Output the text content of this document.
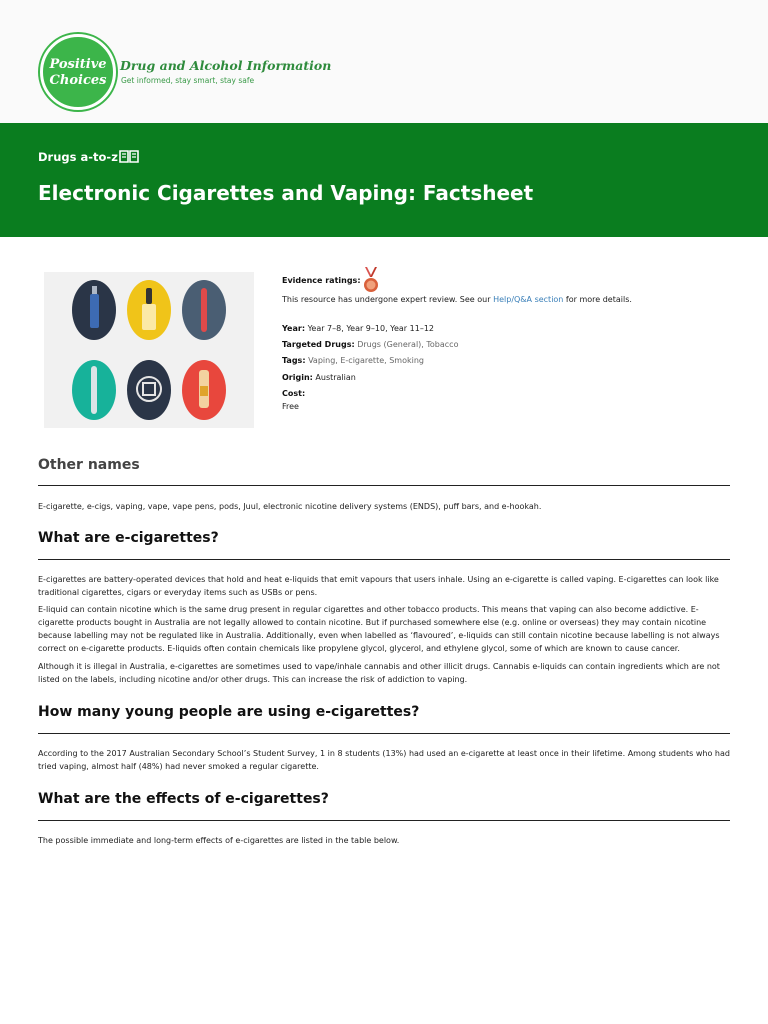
Positive
Choices
Drug and Alcohol Information
Get informed, stay smart, stay safe
Drugs a-to-z
Electronic Cigarettes and Vaping: Factsheet
Evidence ratings:
This resource has undergone expert review. See our Help/Q&A section for more details.
Year: Year 7–8, Year 9–10, Year 11–12
Targeted Drugs: Drugs (General), Tobacco
Tags: Vaping, E-cigarette, Smoking
Origin: Australian
Cost:
Free
Other names
E-cigarette, e-cigs, vaping, vape, vape pens, pods, Juul, electronic nicotine delivery systems (ENDS), puff bars, and e-hookah.
What are e-cigarettes?
E-cigarettes are battery-operated devices that hold and heat e-liquids that emit vapours that users inhale. Using an e-cigarette is called vaping. E-cigarettes can look like traditional cigarettes, cigars or everyday items such as USBs or pens.
E-liquid can contain nicotine which is the same drug present in regular cigarettes and other tobacco products. This means that vaping can also become addictive. E-cigarette products bought in Australia are not legally allowed to contain nicotine. But if purchased somewhere else (e.g. online or overseas) they may contain nicotine because labelling may not be regulated like in Australia. Additionally, even when labelled as ‘flavoured’, e-liquids can still contain nicotine because labelling is not always correct on e-cigarette products. E-liquids often contain chemicals like propylene glycol, glycerol, and ethylene glycol, some of which are known to cause cancer.
Although it is illegal in Australia, e-cigarettes are sometimes used to vape/inhale cannabis and other illicit drugs. Cannabis e-liquids can contain ingredients which are not listed on the labels, including nicotine and/or other drugs. This can increase the risk of addiction to vaping.
How many young people are using e-cigarettes?
According to the 2017 Australian Secondary School’s Student Survey, 1 in 8 students (13%) had used an e-cigarette at least once in their lifetime. Among students who had tried vaping, almost half (48%) had never smoked a regular cigarette.
What are the effects of e-cigarettes?
The possible immediate and long-term effects of e-cigarettes are listed in the table below.
